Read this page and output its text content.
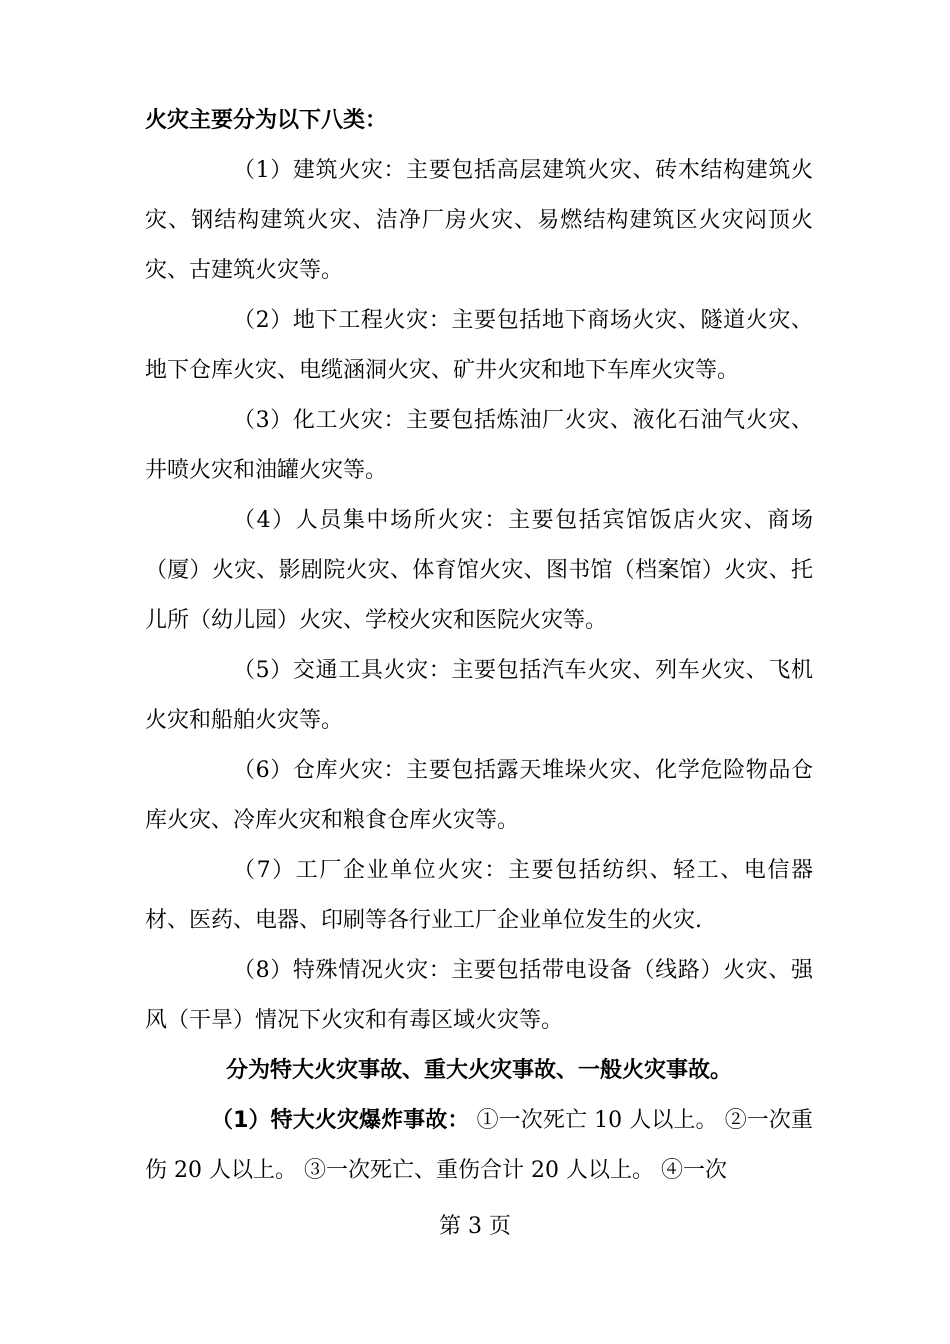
火灾主要分为以下八类：

（1）建筑火灾：主要包括高层建筑火灾、砖木结构建筑火灾、钢结构建筑火灾、洁净厂房火灾、易燃结构建筑区火灾闷顶火灾、古建筑火灾等。

（2）地下工程火灾：主要包括地下商场火灾、隧道火灾、地下仓库火灾、电缆涵洞火灾、矿井火灾和地下车库火灾等。

（3）化工火灾：主要包括炼油厂火灾、液化石油气火灾、井喷火灾和油罐火灾等。

（4）人员集中场所火灾：主要包括宾馆饭店火灾、商场（厦）火灾、影剧院火灾、体育馆火灾、图书馆（档案馆）火灾、托儿所（幼儿园）火灾、学校火灾和医院火灾等。

（5）交通工具火灾：主要包括汽车火灾、列车火灾、飞机火灾和船舶火灾等。

（6）仓库火灾：主要包括露天堆垛火灾、化学危险物品仓库火灾、冷库火灾和粮食仓库火灾等。

（7）工厂企业单位火灾：主要包括纺织、轻工、电信器材、医药、电器、印刷等各行业工厂企业单位发生的火灾.

（8）特殊情况火灾：主要包括带电设备（线路）火灾、强风（干旱）情况下火灾和有毒区域火灾等。

分为特大火灾事故、重大火灾事故、一般火灾事故。

（1）特大火灾爆炸事故： ①一次死亡 10 人以上。 ②一次重伤 20 人以上。 ③一次死亡、重伤合计 20 人以上。 ④一次

第 3 页
